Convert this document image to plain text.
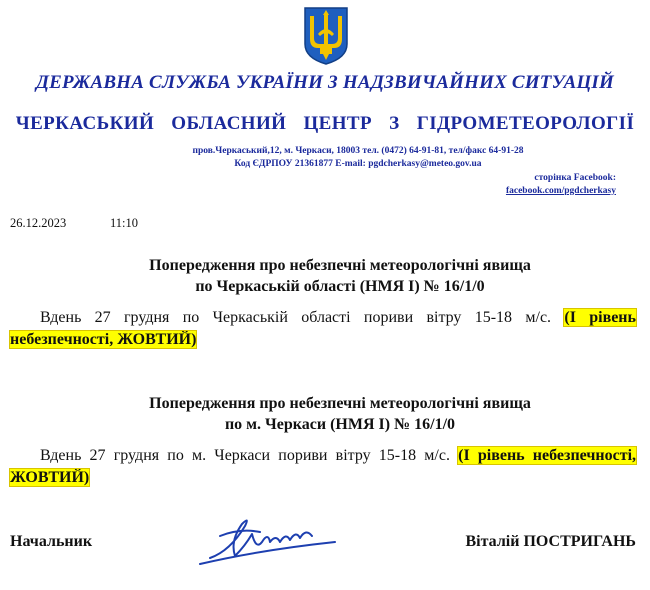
ДЕРЖАВНА СЛУЖБА УКРАЇНИ З НАДЗВИЧАЙНИХ СИТУАЦІЙ
ЧЕРКАСЬКИЙ ОБЛАСНИЙ ЦЕНТР З ГІДРОМЕТЕОРОЛОГІЇ
пров.Черкаський,12, м. Черкаси, 18003 тел. (0472) 64-91-81, тел/факс 64-91-28
Код ЄДРПОУ 21361877 E-mail: pgdcherkasy@meteo.gov.ua
сторінка Facebook:
facebook.com/pgdcherkasy
26.12.2023	11:10
Попередження про небезпечні метеорологічні явища
по Черкаській області (НМЯ І) № 16/1/0
Вдень 27 грудня по Черкаській області пориви вітру 15-18 м/с. (І рівень небезпечності, ЖОВТИЙ)
Попередження про небезпечні метеорологічні явища
по м. Черкаси (НМЯ І) № 16/1/0
Вдень 27 грудня по м. Черкаси пориви вітру 15-18 м/с. (І рівень небезпечності, ЖОВТИЙ)
Начальник	Віталій ПОСТРИГАНЬ
